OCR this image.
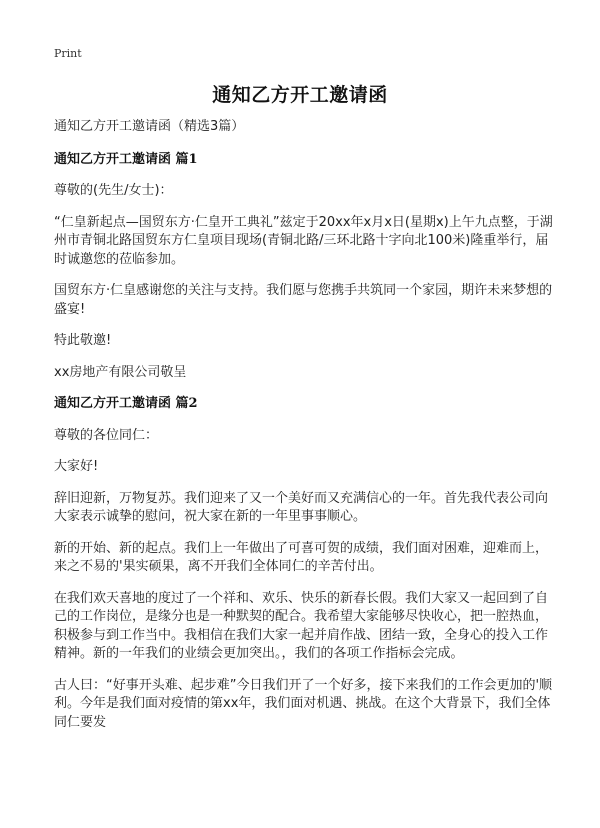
Print
通知乙方开工邀请函

通知乙方开工邀请函（精选3篇）

通知乙方开工邀请函 篇1

尊敬的(先生/女士)：

“仁皇新起点—国贸东方·仁皇开工典礼”兹定于20xx年x月x日(星期x)上午九点整，于湖州市青铜北路国贸东方仁皇项目现场(青铜北路/三环北路十字向北100米)隆重举行，届时诚邀您的莅临参加。

国贸东方·仁皇感谢您的关注与支持。我们愿与您携手共筑同一个家园，期许未来梦想的盛宴!

特此敬邀!

xx房地产有限公司敬呈

通知乙方开工邀请函 篇2

尊敬的各位同仁：

大家好!

辞旧迎新，万物复苏。我们迎来了又一个美好而又充满信心的一年。首先我代表公司向大家表示诚挚的慰问，祝大家在新的一年里事事顺心。

新的开始、新的起点。我们上一年做出了可喜可贺的成绩，我们面对困难，迎难而上，来之不易的'果实硕果，离不开我们全体同仁的辛苦付出。

在我们欢天喜地的度过了一个祥和、欢乐、快乐的新春长假。我们大家又一起回到了自己的工作岗位，是缘分也是一种默契的配合。我希望大家能够尽快收心，把一腔热血，积极参与到工作当中。我相信在我们大家一起并肩作战、团结一致，全身心的投入工作精神。新的一年我们的业绩会更加突出。，我们的各项工作指标会完成。

古人曰：“好事开头难、起步难”今日我们开了一个好多，接下来我们的工作会更加的'顺利。今年是我们面对疫情的第xx年，我们面对机遇、挑战。在这个大背景下，我们全体同仁要发
